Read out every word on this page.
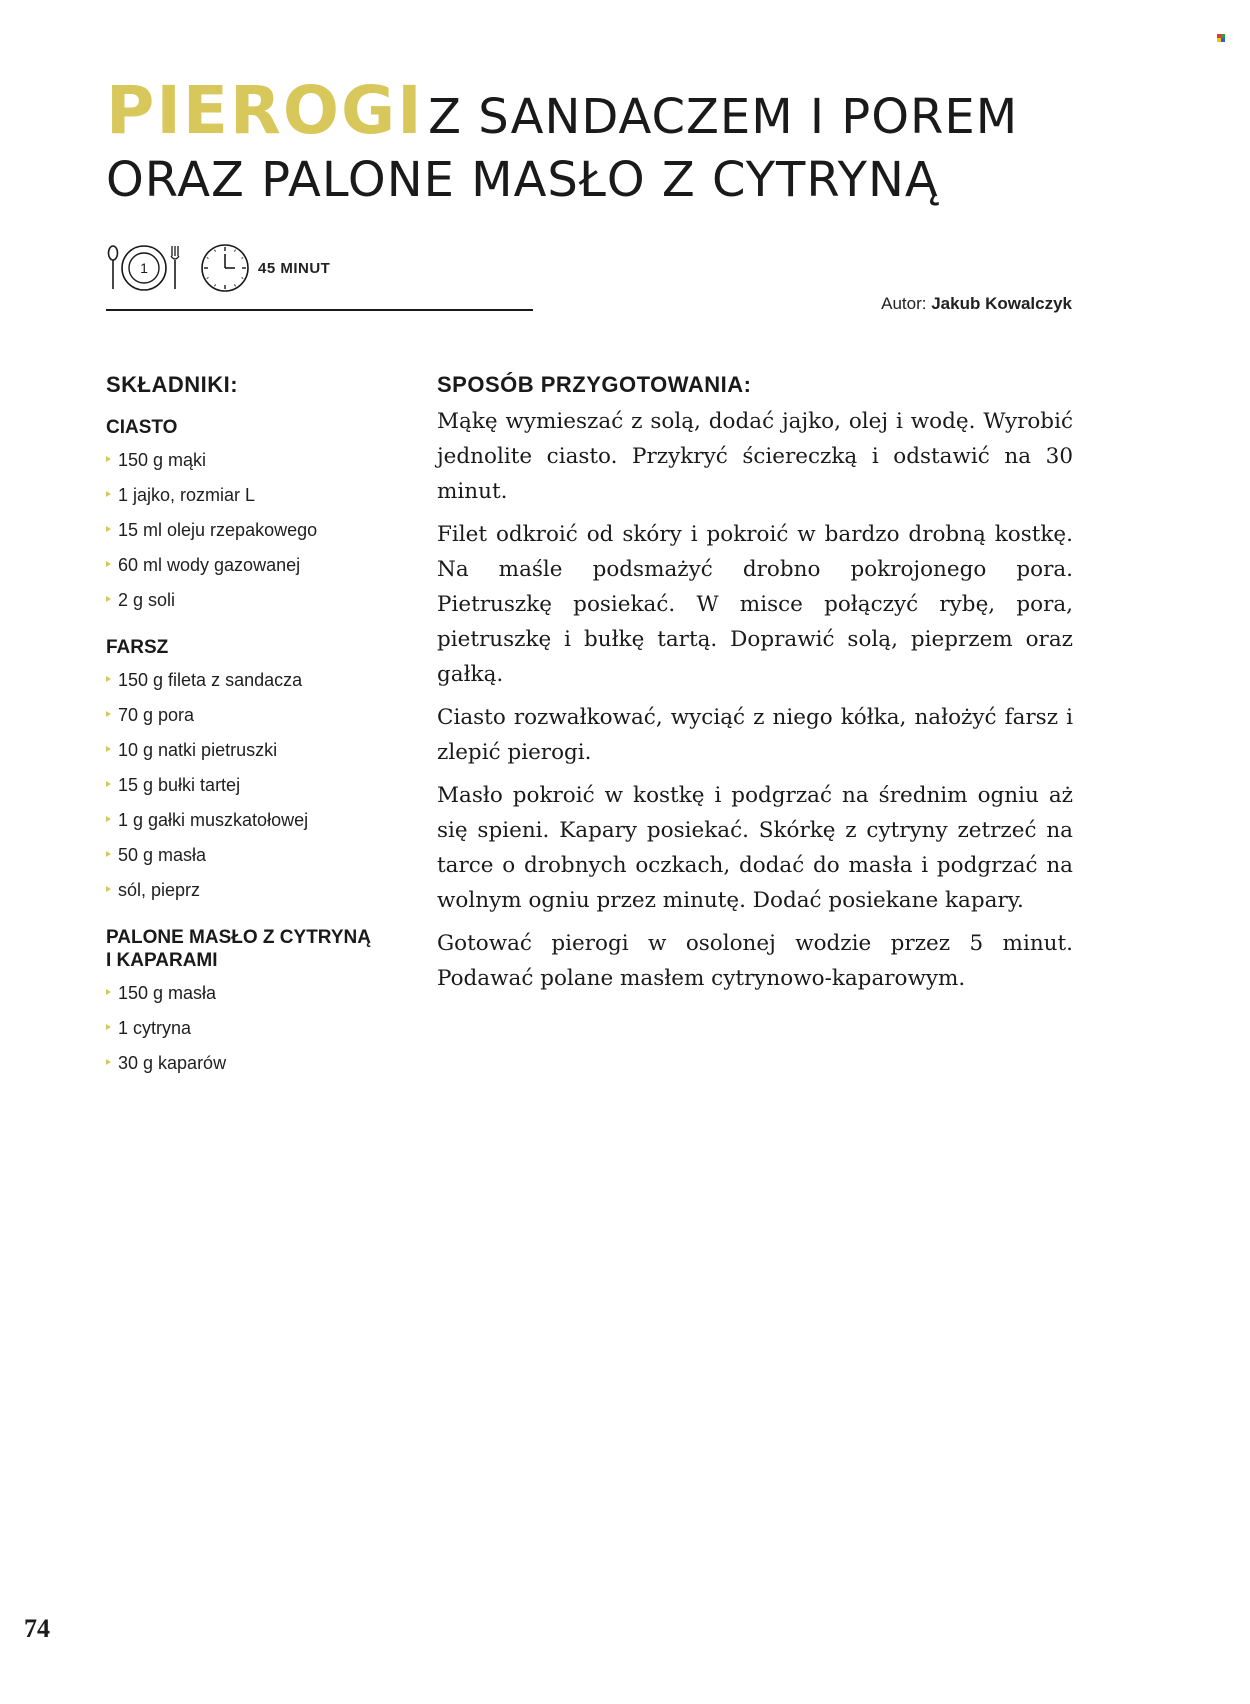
PIEROGI Z SANDACZEM I POREM
ORAZ PALONE MASŁO Z CYTRYNĄ
1	45 MINUT
Autor: Jakub Kowalczyk
SKŁADNIKI:
CIASTO
150 g mąki
1 jajko, rozmiar L
15 ml oleju rzepakowego
60 ml wody gazowanej
2 g soli
FARSZ
150 g fileta z sandacza
70 g pora
10 g natki pietruszki
15 g bułki tartej
1 g gałki muszkatołowej
50 g masła
sól, pieprz
PALONE MASŁO Z CYTRYNĄ
I KAPARAMI
150 g masła
1 cytryna
30 g kaparów
SPOSÓB PRZYGOTOWANIA:

Mąkę wymieszać z solą, dodać jajko, olej i wodę. Wyrobić jednolite ciasto. Przykryć ściereczką i odstawić na 30 minut.

Filet odkroić od skóry i pokroić w bardzo drobną kostkę. Na maśle podsmażyć drobno pokrojonego pora. Pietruszkę posiekać. W misce połączyć rybę, pora, pietruszkę i bułkę tartą. Doprawić solą, pieprzem oraz gałką.

Ciasto rozwałkować, wyciąć z niego kółka, nałożyć farsz i zlepić pierogi.

Masło pokroić w kostkę i podgrzać na średnim ogniu aż się spieni. Kapary posiekać. Skórkę z cytryny zetrzeć na tarce o drobnych oczkach, dodać do masła i podgrzać na wolnym ogniu przez minutę. Dodać posiekane kapary.

Gotować pierogi w osolonej wodzie przez 5 minut. Podawać polane masłem cytrynowo-kaparowym.

74
